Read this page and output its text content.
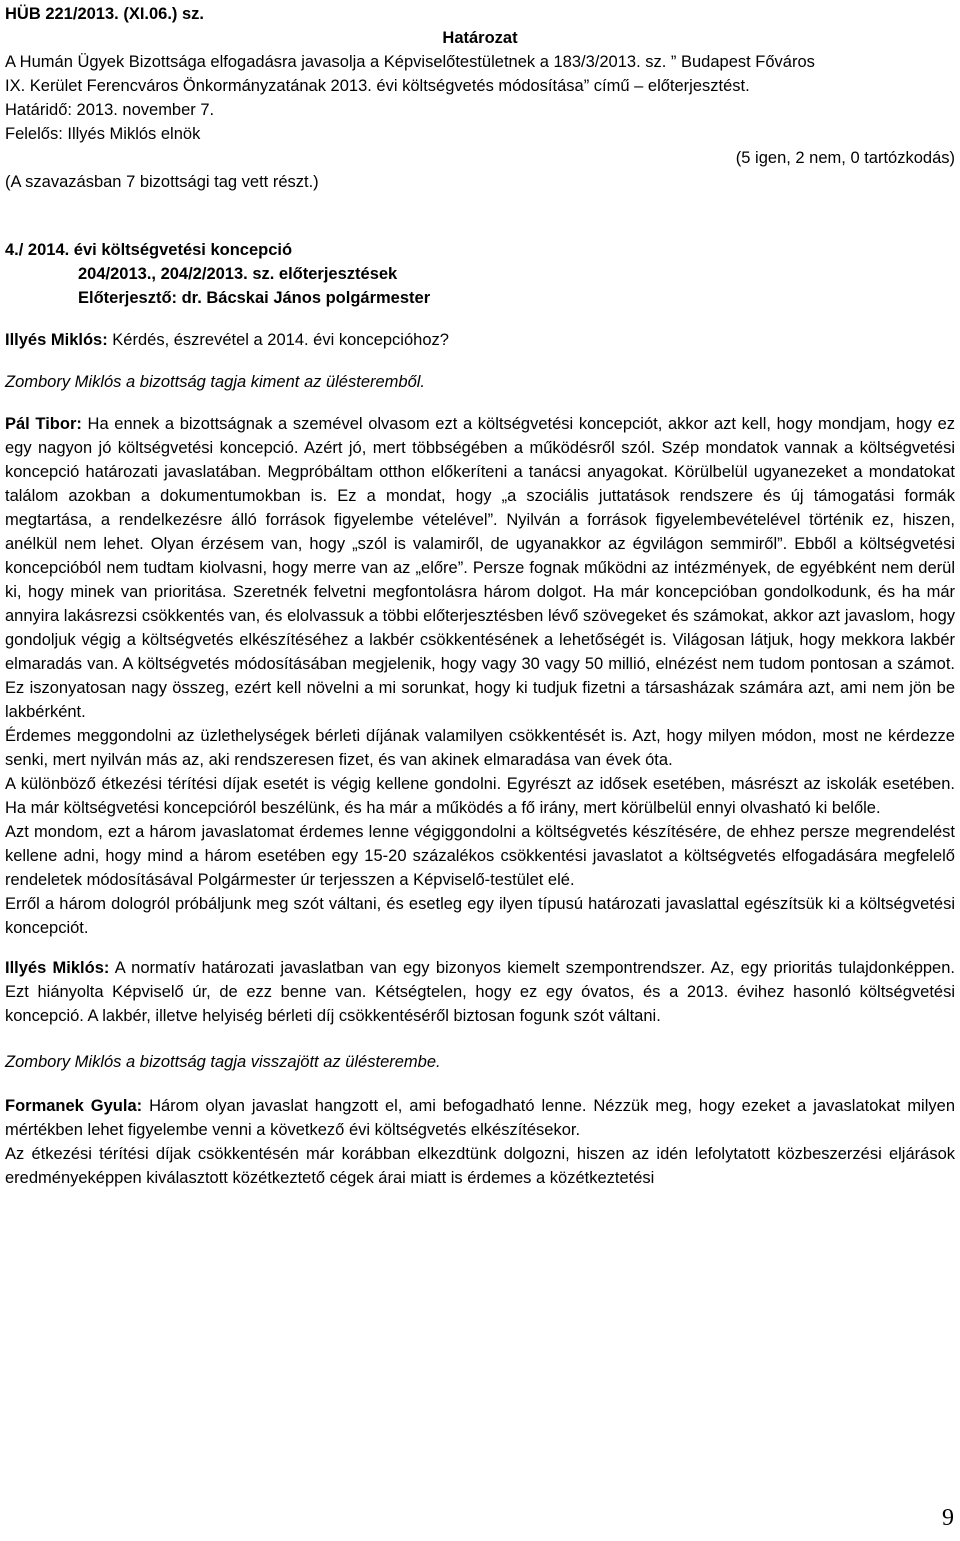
HÜB 221/2013. (XI.06.) sz.
Határozat
A Humán Ügyek Bizottsága elfogadásra javasolja a Képviselőtestületnek a 183/3/2013. sz. ” Budapest Főváros
IX. Kerület Ferencváros Önkormányzatának 2013. évi költségvetés módosítása” című – előterjesztést.
Határidő: 2013. november 7.
Felelős: Illyés Miklós elnök
(5 igen, 2 nem, 0 tartózkodás)
(A szavazásban 7 bizottsági tag vett részt.)
4./ 2014. évi költségvetési koncepció
204/2013., 204/2/2013. sz. előterjesztések
Előterjesztő: dr. Bácskai János polgármester

Illyés Miklós: Kérdés, észrevétel a 2014. évi koncepcióhoz?

Zombory Miklós a bizottság tagja kiment az ülésteremből.

Pál Tibor: Ha ennek a bizottságnak a szemével olvasom ezt a költségvetési koncepciót, akkor azt kell, hogy mondjam, hogy ez egy nagyon jó költségvetési koncepció. Azért jó, mert többségében a működésről szól. Szép mondatok vannak a költségvetési koncepció határozati javaslatában. Megpróbáltam otthon előkeríteni a tanácsi anyagokat. Körülbelül ugyanezeket a mondatokat találom azokban a dokumentumokban is. Ez a mondat, hogy „a szociális juttatások rendszere és új támogatási formák megtartása, a rendelkezésre álló források figyelembe vételével”. Nyilván a források figyelembevételével történik ez, hiszen, anélkül nem lehet. Olyan érzésem van, hogy „szól is valamiről, de ugyanakkor az égvilágon semmiről”. Ebből a költségvetési koncepcióból nem tudtam kiolvasni, hogy merre van az „előre”. Persze fognak működni az intézmények, de egyébként nem derül ki, hogy minek van prioritása. Szeretnék felvetni megfontolásra három dolgot. Ha már koncepcióban gondolkodunk, és ha már annyira lakásrezsi csökkentés van, és elolvassuk a többi előterjesztésben lévő szövegeket és számokat, akkor azt javaslom, hogy gondoljuk végig a költségvetés elkészítéséhez a lakbér csökkentésének a lehetőségét is. Világosan látjuk, hogy mekkora lakbér elmaradás van. A költségvetés módosításában megjelenik, hogy vagy 30 vagy 50 millió, elnézést nem tudom pontosan a számot. Ez iszonyatosan nagy összeg, ezért kell növelni a mi sorunkat, hogy ki tudjuk fizetni a társasházak számára azt, ami nem jön be lakbérként.

Érdemes meggondolni az üzlethelységek bérleti díjának valamilyen csökkentését is. Azt, hogy milyen módon, most ne kérdezze senki, mert nyilván más az, aki rendszeresen fizet, és van akinek elmaradása van évek óta.

A különböző étkezési térítési díjak esetét is végig kellene gondolni. Egyrészt az idősek esetében, másrészt az iskolák esetében. Ha már költségvetési koncepcióról beszélünk, és ha már a működés a fő irány, mert körülbelül ennyi olvasható ki belőle.

Azt mondom, ezt a három javaslatomat érdemes lenne végiggondolni a költségvetés készítésére, de ehhez persze megrendelést kellene adni, hogy mind a három esetében egy 15-20 százalékos csökkentési javaslatot a költségvetés elfogadására megfelelő rendeletek módosításával Polgármester úr terjesszen a Képviselő-testület elé.

Erről a három dologról próbáljunk meg szót váltani, és esetleg egy ilyen típusú határozati javaslattal egészítsük ki a költségvetési koncepciót.

Illyés Miklós: A normatív határozati javaslatban van egy bizonyos kiemelt szempontrendszer. Az, egy prioritás tulajdonképpen. Ezt hiányolta Képviselő úr, de ezz benne van. Kétségtelen, hogy ez egy óvatos, és a 2013. évihez hasonló költségvetési koncepció. A lakbér, illetve helyiség bérleti díj csökkentéséről biztosan fogunk szót váltani.

Zombory Miklós a bizottság tagja visszajött az ülésterembe.

Formanek Gyula: Három olyan javaslat hangzott el, ami befogadható lenne. Nézzük meg, hogy ezeket a javaslatokat milyen mértékben lehet figyelembe venni a következő évi költségvetés elkészítésekor.

Az étkezési térítési díjak csökkentésén már korábban elkezdtünk dolgozni, hiszen az idén lefolytatott közbeszerzési eljárások eredményeképpen kiválasztott közétkeztető cégek árai miatt is érdemes a közétkeztetési

9
